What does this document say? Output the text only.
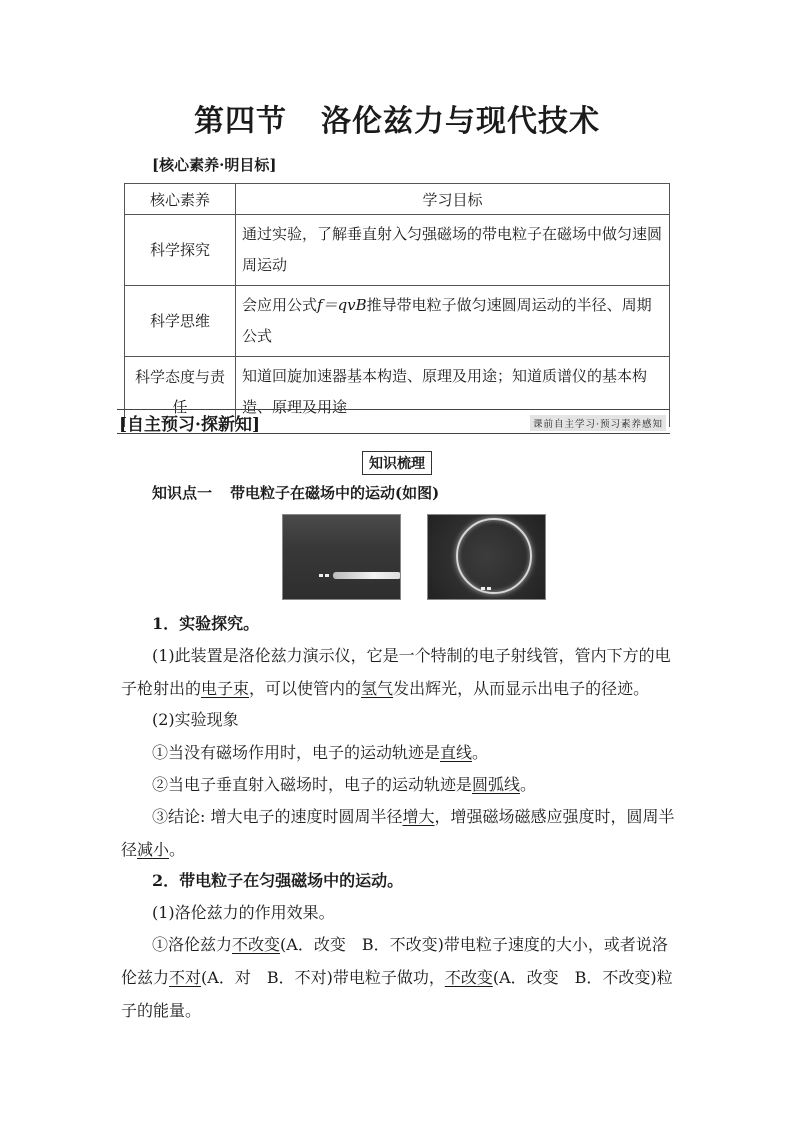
第四节 洛伦兹力与现代技术
[核心素养·明目标]
核心素养	学习目标
科学探究	通过实验，了解垂直射入匀强磁场的带电粒子在磁场中做匀速圆周运动
科学思维	会应用公式f＝qvB推导带电粒子做匀速圆周运动的半径、周期公式
科学态度与责任	知道回旋加速器基本构造、原理及用途；知道质谱仪的基本构造、原理及用途
[自主预习·探新知]	课前自主学习·预习素养感知
知识梳理
知识点一 带电粒子在磁场中的运动(如图)
1．实验探究。
(1)此装置是洛伦兹力演示仪，它是一个特制的电子射线管，管内下方的电子枪射出的电子束，可以使管内的氢气发出辉光，从而显示出电子的径迹。
(2)实验现象
①当没有磁场作用时，电子的运动轨迹是直线。
②当电子垂直射入磁场时，电子的运动轨迹是圆弧线。
③结论: 增大电子的速度时圆周半径增大，增强磁场磁感应强度时，圆周半径减小。
2．带电粒子在匀强磁场中的运动。
(1)洛伦兹力的作用效果。
①洛伦兹力不改变(A．改变　B．不改变)带电粒子速度的大小，或者说洛伦兹力不对(A．对　B．不对)带电粒子做功，不改变(A．改变　B．不改变)粒子的能量。
